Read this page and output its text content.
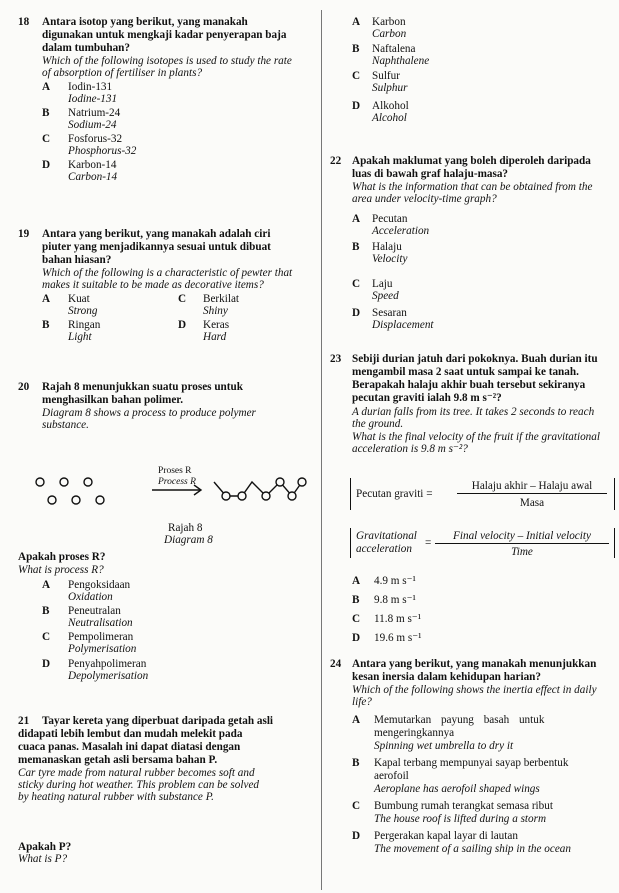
18 Antara isotop yang berikut, yang manakah
digunakan untuk mengkaji kadar penyerapan baja
dalam tumbuhan?
Which of the following isotopes is used to study the rate
of absorption of fertiliser in plants?
A Iodin-131
Iodine-131
B Natrium-24
Sodium-24
C Fosforus-32
Phosphorus-32
D Karbon-14
Carbon-14
19 Antara yang berikut, yang manakah adalah ciri
piuter yang menjadikannya sesuai untuk dibuat
bahan hiasan?
Which of the following is a characteristic of pewter that
makes it suitable to be made as decorative items?
A Kuat
Strong
C Berkilat
Shiny
B Ringan
Light
D Keras
Hard
20 Rajah 8 menunjukkan suatu proses untuk
menghasilkan bahan polimer.
Diagram 8 shows a process to produce polymer
substance.
Proses R
Process R
Rajah 8
Diagram 8
Apakah proses R?
What is process R?
A Pengoksidaan
Oxidation
B Peneutralan
Neutralisation
C Pempolimeran
Polymerisation
D Penyahpolimeran
Depolymerisation
21 Tayar kereta yang diperbuat daripada getah asli
didapati lebih lembut dan mudah melekit pada
cuaca panas. Masalah ini dapat diatasi dengan
memanaskan getah asli bersama bahan P.
Car tyre made from natural rubber becomes soft and
sticky during hot weather. This problem can be solved
by heating natural rubber with substance P.
Apakah P?
What is P?
A Karbon
Carbon
B Naftalena
Naphthalene
C Sulfur
Sulphur
D Alkohol
Alcohol
22 Apakah maklumat yang boleh diperoleh daripada
luas di bawah graf halaju-masa?
What is the information that can be obtained from the
area under velocity-time graph?
A Pecutan
Acceleration
B Halaju
Velocity
C Laju
Speed
D Sesaran
Displacement
23 Sebiji durian jatuh dari pokoknya. Buah durian itu
mengambil masa 2 saat untuk sampai ke tanah.
Berapakah halaju akhir buah tersebut sekiranya
pecutan graviti ialah 9.8 m s⁻²?
A durian falls from its tree. It takes 2 seconds to reach
the ground.
What is the final velocity of the fruit if the gravitational
acceleration is 9.8 m s⁻²?
Pecutan graviti =
Halaju akhir – Halaju awal
Masa
Gravitational
acceleration =
Final velocity – Initial velocity
Time
A 4.9 m s⁻¹
B 9.8 m s⁻¹
C 11.8 m s⁻¹
D 19.6 m s⁻¹
24 Antara yang berikut, yang manakah menunjukkan
kesan inersia dalam kehidupan harian?
Which of the following shows the inertia effect in daily
life?
A Memutarkan payung basah untuk
mengeringkannya
Spinning wet umbrella to dry it
B Kapal terbang mempunyai sayap berbentuk
aerofoil
Aeroplane has aerofoil shaped wings
C Bumbung rumah terangkat semasa ribut
The house roof is lifted during a storm
D Pergerakan kapal layar di lautan
The movement of a sailing ship in the ocean
